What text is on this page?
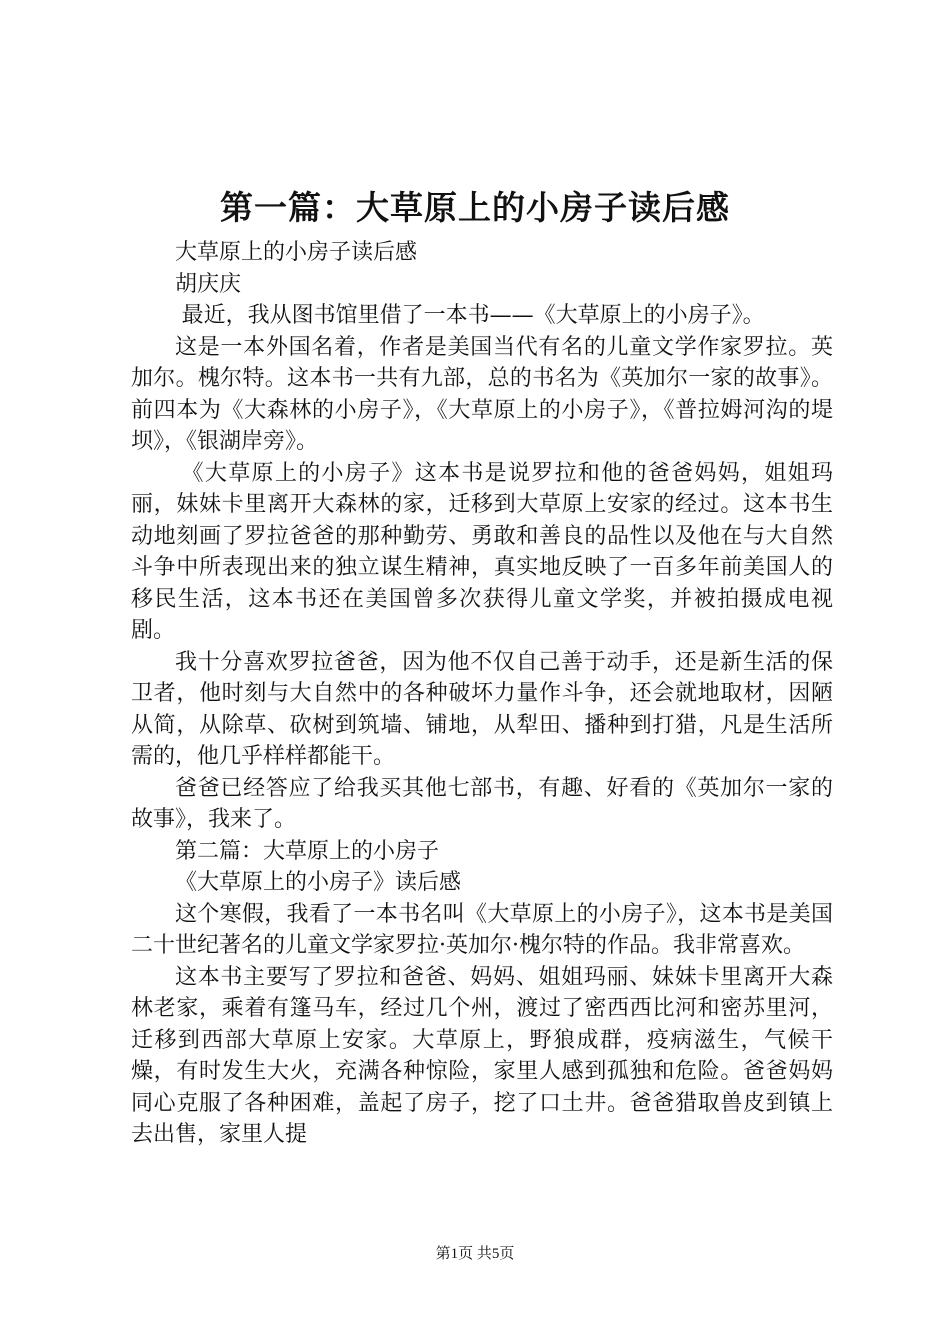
第一篇：大草原上的小房子读后感

大草原上的小房子读后感

胡庆庆

最近，我从图书馆里借了一本书——《大草原上的小房子》。

这是一本外国名着，作者是美国当代有名的儿童文学作家罗拉。英加尔。槐尔特。这本书一共有九部，总的书名为《英加尔一家的故事》。前四本为《大森林的小房子》，《大草原上的小房子》，《普拉姆河沟的堤坝》，《银湖岸旁》。

《大草原上的小房子》这本书是说罗拉和他的爸爸妈妈，姐姐玛丽，妹妹卡里离开大森林的家，迁移到大草原上安家的经过。这本书生动地刻画了罗拉爸爸的那种勤劳、勇敢和善良的品性以及他在与大自然斗争中所表现出来的独立谋生精神，真实地反映了一百多年前美国人的移民生活，这本书还在美国曾多次获得儿童文学奖，并被拍摄成电视剧。

我十分喜欢罗拉爸爸，因为他不仅自己善于动手，还是新生活的保卫者，他时刻与大自然中的各种破坏力量作斗争，还会就地取材，因陋从简，从除草、砍树到筑墙、铺地，从犁田、播种到打猎，凡是生活所需的，他几乎样样都能干。

爸爸已经答应了给我买其他七部书，有趣、好看的《英加尔一家的故事》，我来了。

第二篇：大草原上的小房子

《大草原上的小房子》读后感

这个寒假，我看了一本书名叫《大草原上的小房子》，这本书是美国二十世纪著名的儿童文学家罗拉·英加尔·槐尔特的作品。我非常喜欢。

这本书主要写了罗拉和爸爸、妈妈、姐姐玛丽、妹妹卡里离开大森林老家，乘着有篷马车，经过几个州，渡过了密西西比河和密苏里河，迁移到西部大草原上安家。大草原上，野狼成群，疫病滋生，气候干燥，有时发生大火，充满各种惊险，家里人感到孤独和危险。爸爸妈妈同心克服了各种困难，盖起了房子，挖了口土井。爸爸猎取兽皮到镇上去出售，家里人提

第1页 共5页
